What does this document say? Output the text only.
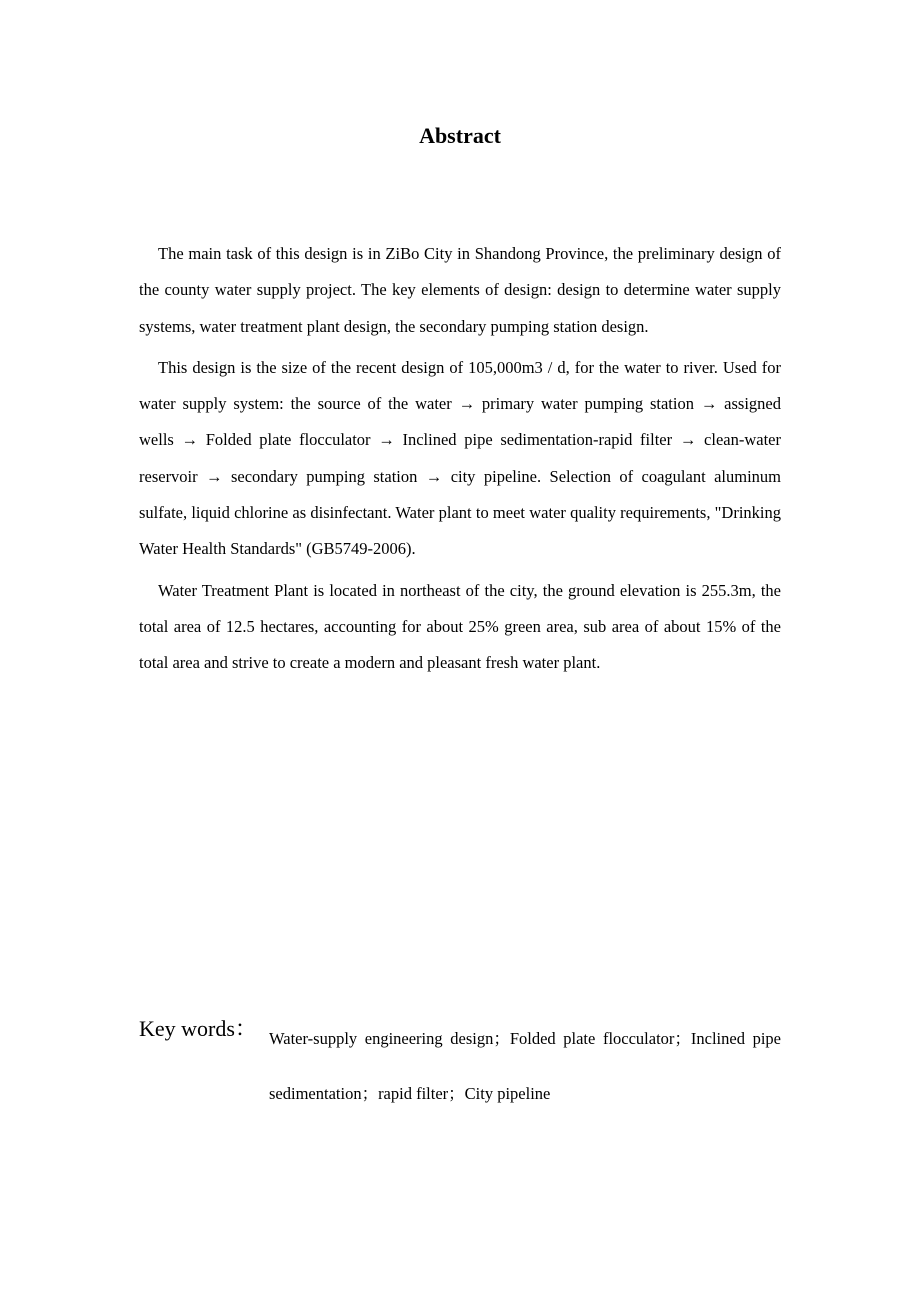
Abstract

The main task of this design is in ZiBo City in Shandong Province, the preliminary design of the county water supply project. The key elements of design: design to determine water supply systems, water treatment plant design, the secondary pumping station design.

This design is the size of the recent design of 105,000m3 / d, for the water to river. Used for water supply system: the source of the water → primary water pumping station → assigned wells → Folded plate flocculator → Inclined pipe sedimentation-rapid filter → clean-water reservoir → secondary pumping station → city pipeline. Selection of coagulant aluminum sulfate, liquid chlorine as disinfectant. Water plant to meet water quality requirements, "Drinking Water Health Standards" (GB5749-2006).

Water Treatment Plant is located in northeast of the city, the ground elevation is 255.3m, the total area of 12.5 hectares, accounting for about 25% green area, sub area of about 15% of the total area and strive to create a modern and pleasant fresh water plant.

Key words： Water-supply engineering design；Folded plate flocculator；Inclined pipe sedimentation；rapid filter；City pipeline
